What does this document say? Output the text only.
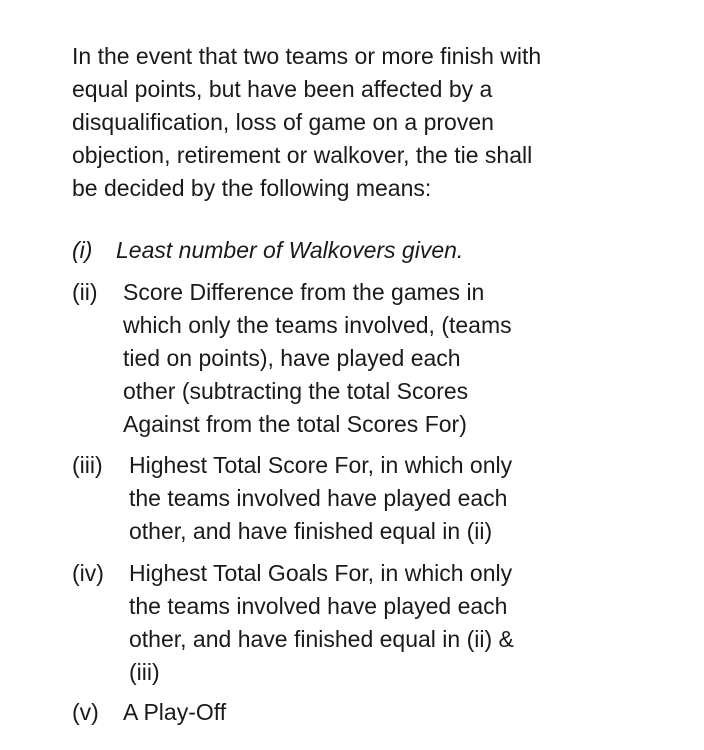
In the event that two teams or more finish with
equal points, but have been affected by a
disqualification, loss of game on a proven
objection, retirement or walkover, the tie shall
be decided by the following means:
(i) Least number of Walkovers given.
(ii) Score Difference from the games in
which only the teams involved, (teams
tied on points), have played each
other (subtracting the total Scores
Against from the total Scores For)
(iii) Highest Total Score For, in which only
the teams involved have played each
other, and have finished equal in (ii)
(iv) Highest Total Goals For, in which only
the teams involved have played each
other, and have finished equal in (ii) &
(iii)
(v) A Play-Off
